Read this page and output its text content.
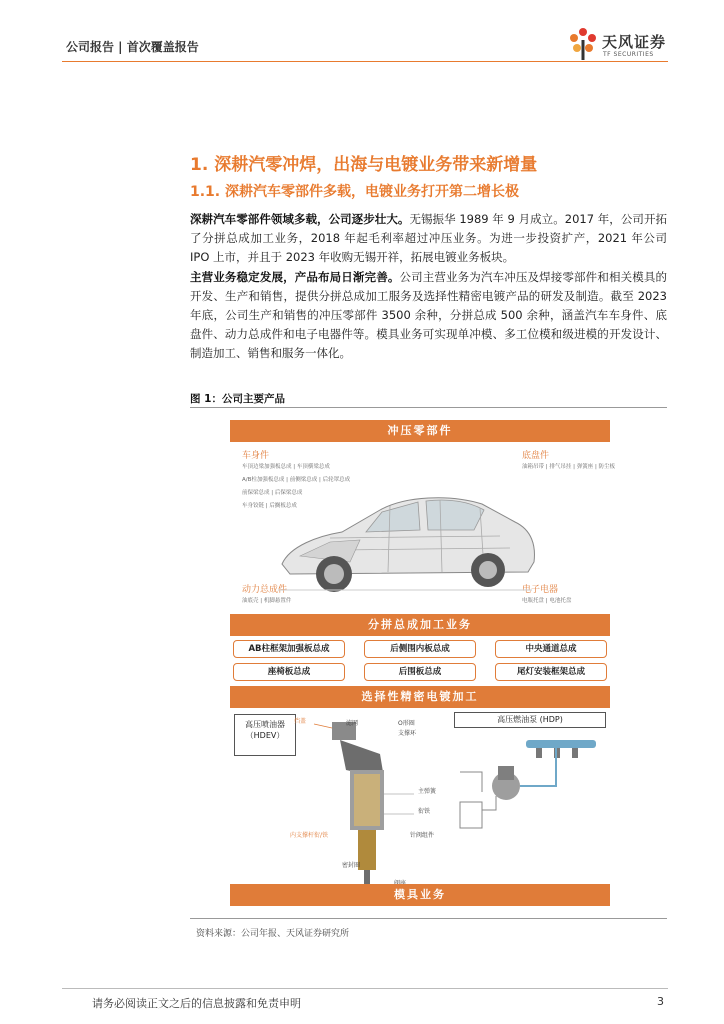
公司报告 | 首次覆盖报告	天风证券
TF SECURITIES
1. 深耕汽零冲焊，出海与电镀业务带来新增量
1.1. 深耕汽车零部件多载，电镀业务打开第二增长极
深耕汽车零部件领域多载，公司逐步壮大。无锡振华 1989 年 9 月成立。2017 年，公司开拓了分拼总成加工业务，2018 年起毛利率超过冲压业务。为进一步投资扩产，2021 年公司 IPO 上市，并且于 2023 年收购无锡开祥，拓展电镀业务板块。
主营业务稳定发展，产品布局日渐完善。公司主营业务为汽车冲压及焊接零部件和相关模具的开发、生产和销售，提供分拼总成加工服务及选择性精密电镀产品的研发及制造。截至 2023 年底，公司生产和销售的冲压零部件 3500 余种，分拼总成 500 余种，涵盖汽车车身件、底盘件、动力总成件和电子电器件等。模具业务可实现单冲模、多工位模和级进模的开发设计、制造加工、销售和服务一体化。
图 1：公司主要产品
冲压零部件
车身件
车顶边梁加强板总成 | 车顶横梁总成
A/B柱加强板总成 | 前侧梁总成 | 后轮罩总成
前保梁总成 | 后保梁总成
车身铰链 | 后搁板总成
底盘件
油箱吊带 | 排气吊挂 | 弹簧座 | 防尘板
动力总成件
油底壳 | 机脚悬置件
电子电器
电瓶托盘 | 电池托盘
分拼总成加工业务
AB柱框架加强板总成	后侧围内板总成	中央通道总成
座椅板总成	后围板总成	尾灯安装框架总成
选择性精密电镀加工
高压喷油器（HDEV）
高压燃油泵 (HDP)
挡盖	滤网	O形圈
支撑环
主弹簧
衔铁
内支撑杆衔/铁	针阀组件
密封圈
模具业务
资料来源：公司年报、天风证券研究所
请务必阅读正文之后的信息披露和免责申明	3
